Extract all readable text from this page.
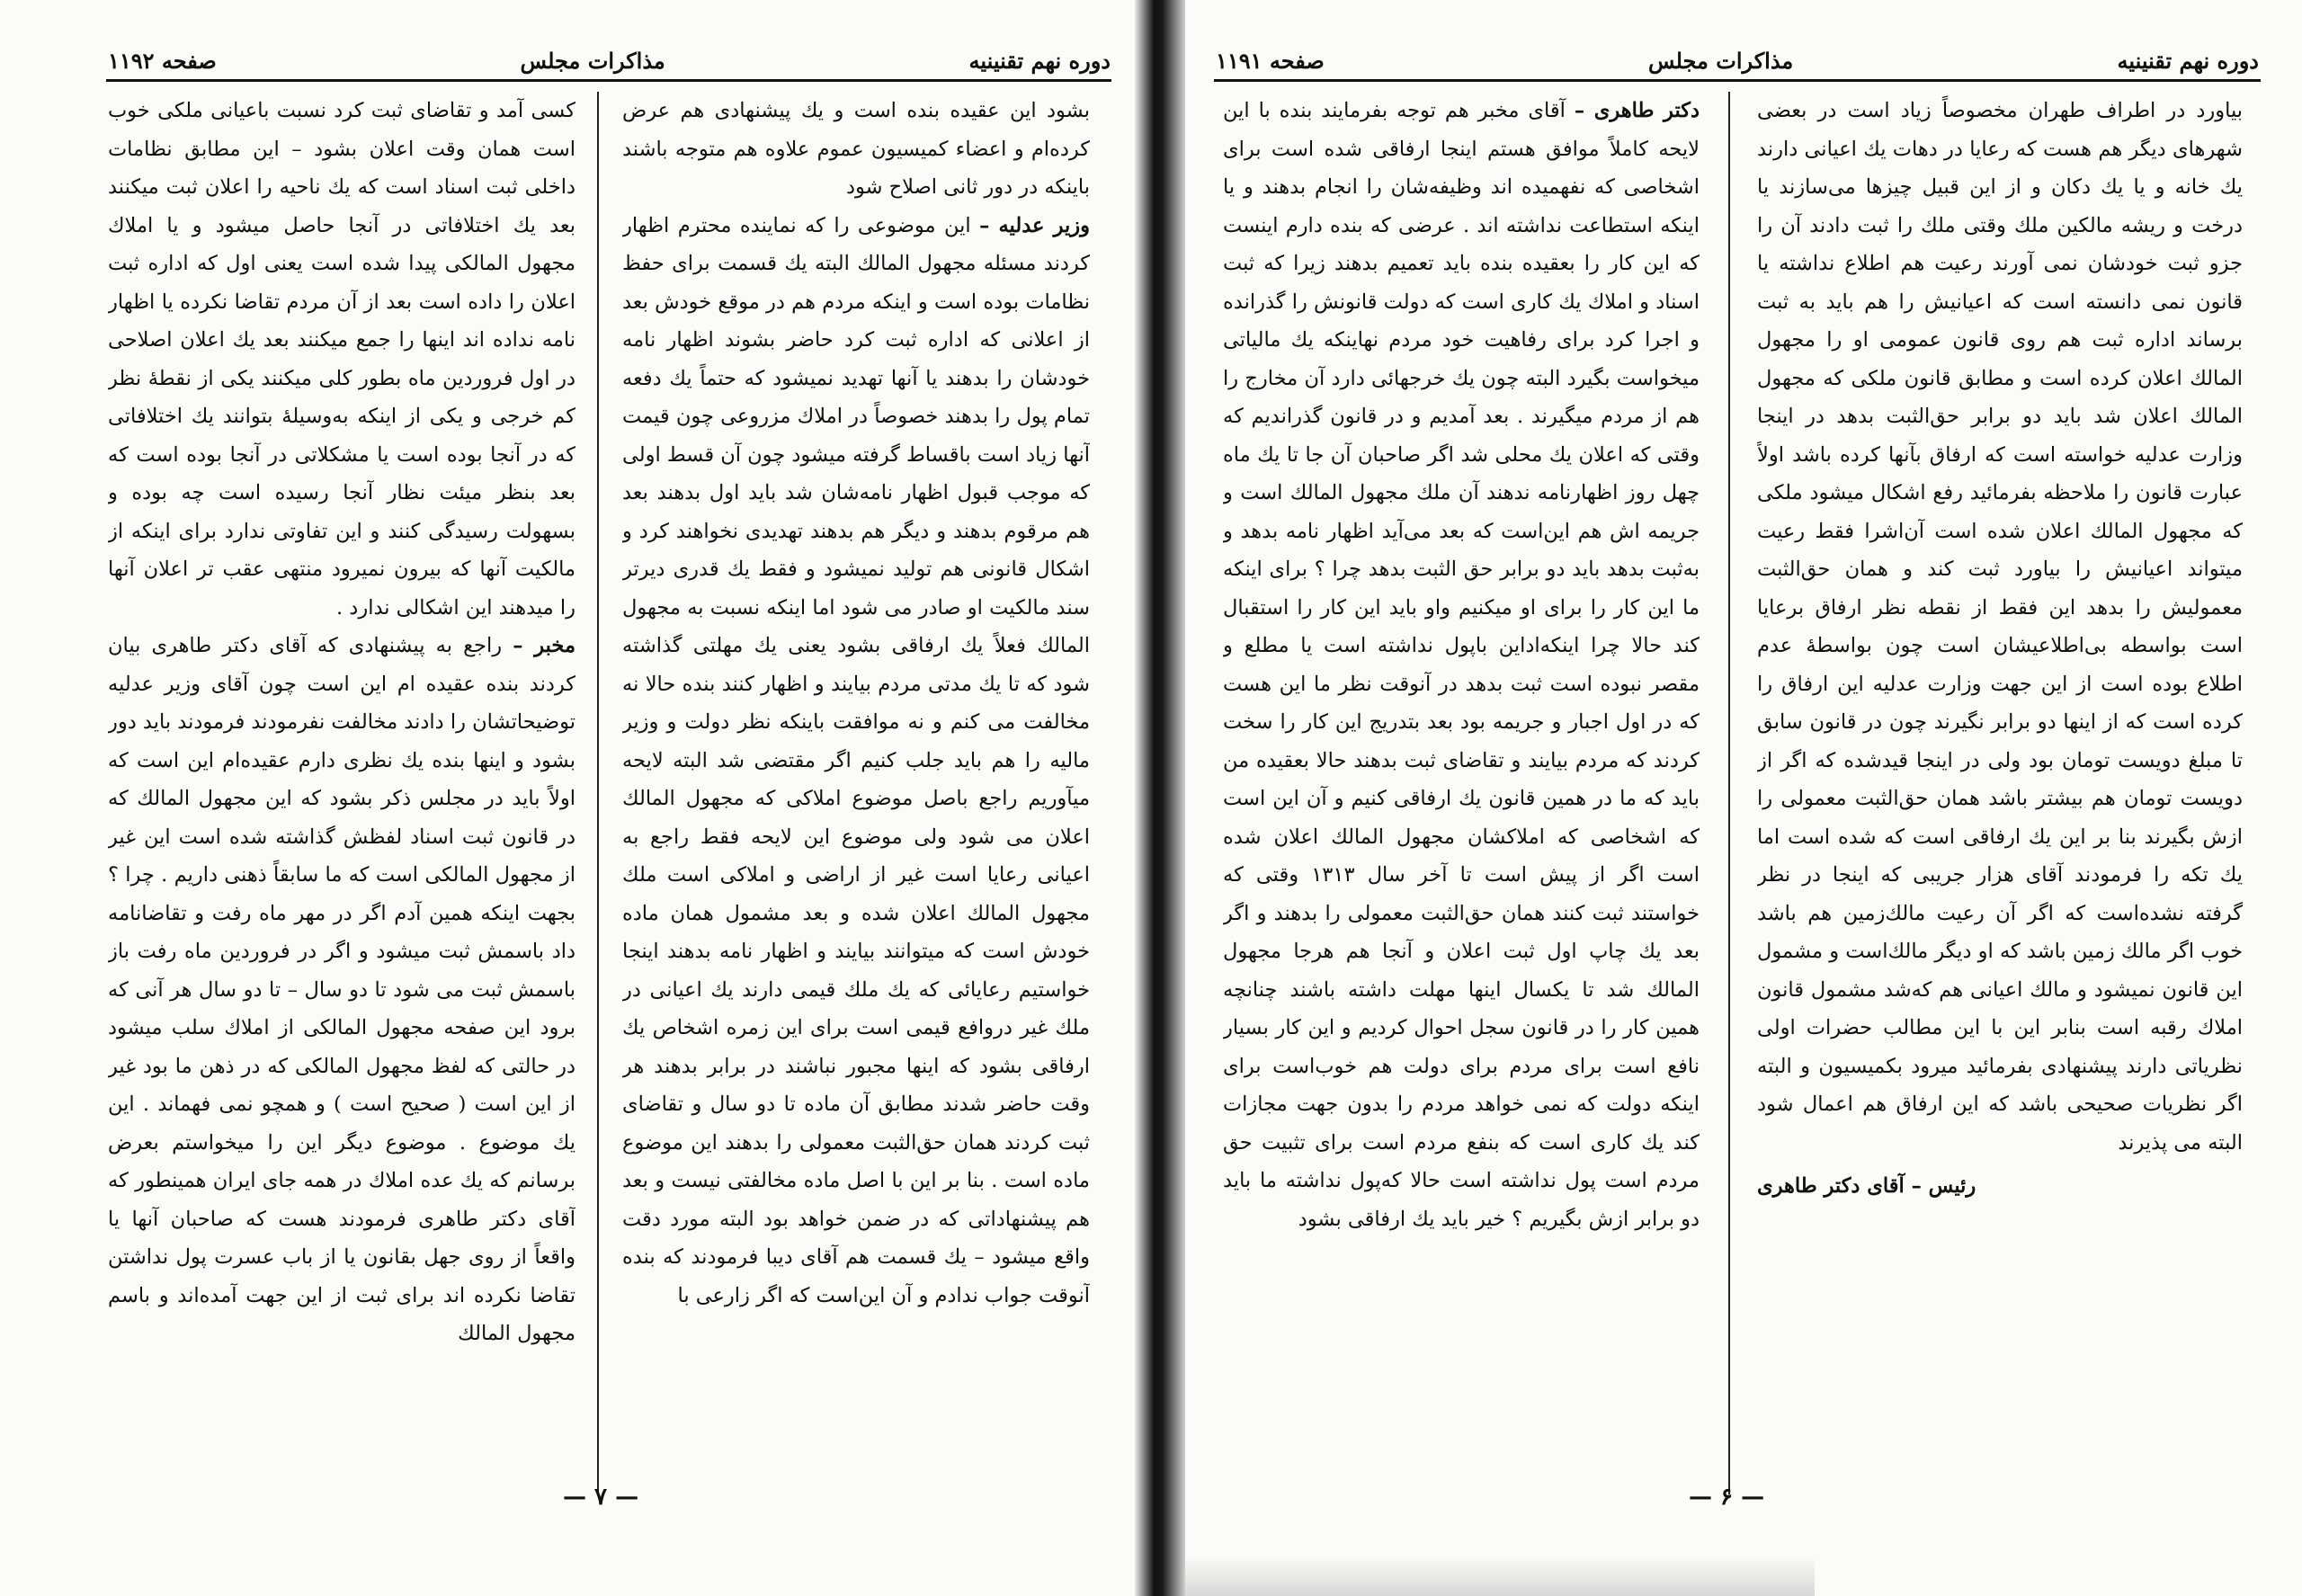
صفحه ۱۱۹۲	مذاکرات مجلس	دوره نهم تقنینیه

کسی آمد و تقاضای ثبت کرد نسبت باعیانی ملکی خوب است همان وقت اعلان بشود – این مطابق نظامات داخلی ثبت اسناد است که یك ناحیه را اعلان ثبت میکنند بعد یك اختلافاتی در آنجا حاصل میشود و یا املاك مجهول المالکی پیدا شده است یعنی اول که اداره ثبت اعلان را داده است بعد از آن مردم تقاضا نکرده یا اظهار نامه نداده اند اینها را جمع میکنند بعد یك اعلان اصلاحی در اول فروردین ماه بطور کلی میکنند یکی از نقطهٔ نظر کم خرجی و یکی از اینکه به‌وسیلهٔ بتوانند یك اختلافاتی که در آنجا بوده است یا مشکلاتی در آنجا بوده است که بعد بنظر میئت نظار آنجا رسیده است چه بوده و بسهولت رسیدگی کنند و این تفاوتی ندارد برای اینکه از مالکیت آنها که بیرون نمیرود منتهی عقب تر اعلان آنها را میدهند این اشکالی ندارد .

مخبر – راجع به پیشنهادی که آقای دکتر طاهری بیان کردند بنده عقیده ام این است چون آقای وزیر عدلیه توضیحاتشان را دادند مخالفت نفرمودند فرمودند باید دور بشود و اینها بنده یك نظری دارم عقیده‌ام این است که اولاً باید در مجلس ذکر بشود که این مجهول المالك که در قانون ثبت اسناد لفظش گذاشته شده است این غیر از مجهول المالکی است که ما سابقاً ذهنی داریم . چرا ؟ بجهت اینکه همین آدم اگر در مهر ماه رفت و تقاضانامه داد باسمش ثبت میشود و اگر در فروردین ماه رفت باز باسمش ثبت می شود تا دو سال – تا دو سال هر آنی که برود این صفحه مجهول المالکی از املاك سلب میشود در حالتی که لفظ مجهول المالکی که در ذهن ما بود غیر از این است ( صحیح است ) و همچو نمی فهماند . این یك موضوع . موضوع دیگر این را میخواستم بعرض برسانم که یك عده املاك در همه جای ایران همینطور که آقای دکتر طاهری فرمودند هست که صاحبان آنها یا واقعاً از روی جهل بقانون یا از باب عسرت پول نداشتن تقاضا نکرده اند برای ثبت از این جهت آمده‌اند و باسم مجهول المالك

بشود این عقیده بنده است و یك پیشنهادی هم عرض کرده‌ام و اعضاء کمیسیون عموم علاوه هم متوجه باشند باینکه در دور ثانی اصلاح شود

وزیر عدلیه – این موضوعی را که نماینده محترم اظهار کردند مسئله مجهول المالك البته یك قسمت برای حفظ نظامات بوده است و اینکه مردم هم در موقع خودش بعد از اعلانی که اداره ثبت کرد حاضر بشوند اظهار نامه خودشان را بدهند یا آنها تهدید نمیشود که حتماً یك دفعه تمام پول را بدهند خصوصاً در املاك مزروعی چون قیمت آنها زیاد است باقساط گرفته میشود چون آن قسط اولی که موجب قبول اظهار نامه‌شان شد باید اول بدهند بعد هم مرقوم بدهند و دیگر هم بدهند تهدیدی نخواهند کرد و اشکال قانونی هم تولید نمیشود و فقط یك قدری دیرتر سند مالکیت او صادر می شود اما اینکه نسبت به مجهول المالك فعلاً یك ارفاقی بشود یعنی یك مهلتی گذاشته شود که تا یك مدتی مردم بیایند و اظهار کنند بنده حالا نه مخالفت می کنم و نه موافقت باینکه نظر دولت و وزیر مالیه را هم باید جلب کنیم اگر مقتضی شد البته لایحه میآوریم راجع باصل موضوع املاکی که مجهول المالك اعلان می شود ولی موضوع این لایحه فقط راجع به اعیانی رعایا است غیر از اراضی و املاکی است ملك مجهول المالك اعلان شده و بعد مشمول همان ماده خودش است که میتوانند بیایند و اظهار نامه بدهند اینجا خواستیم رعایائی که یك ملك قیمی دارند یك اعیانی در ملك غیر دروافع قیمی است برای این زمره اشخاص یك ارفاقی بشود که اینها مجبور نباشند در برابر بدهند هر وقت حاضر شدند مطابق آن ماده تا دو سال و تقاضای ثبت کردند همان حق‌الثبت معمولی را بدهند این موضوع ماده است . بنا بر این با اصل ماده مخالفتی نیست و بعد هم پیشنهاداتی که در ضمن خواهد بود البته مورد دقت واقع میشود – یك قسمت هم آقای دیبا فرمودند که بنده آنوقت جواب ندادم و آن این‌است که اگر زارعی با

— ۷ —
صفحه ۱۱۹۱	مذاکرات مجلس	دوره نهم تقنینیه

دکتر طاهری – آقای مخبر هم توجه بفرمایند بنده با این لایحه کاملاً موافق هستم اینجا ارفاقی شده است برای اشخاصی که نفهمیده اند وظیفه‌شان را انجام بدهند و یا اینکه استطاعت نداشته اند . عرضی که بنده دارم اینست که این کار را بعقیده بنده باید تعمیم بدهند زیرا که ثبت اسناد و املاك یك کاری است که دولت قانونش را گذرانده و اجرا کرد برای رفاهیت خود مردم نهاینکه یك مالیاتی میخواست بگیرد البته چون یك خرجهائی دارد آن مخارج را هم از مردم میگیرند . بعد آمدیم و در قانون گذراندیم که وقتی که اعلان یك محلی شد اگر صاحبان آن جا تا یك ماه چهل روز اظهارنامه ندهند آن ملك مجهول المالك است و جریمه اش هم این‌است که بعد می‌آید اظهار نامه بدهد و به‌ثبت بدهد باید دو برابر حق الثبت بدهد چرا ؟ برای اینکه ما این کار را برای او میکنیم واو باید این کار را استقبال کند حالا چرا اینکه‌اداین باپول نداشته است یا مطلع و مقصر نبوده است ثبت بدهد در آنوقت نظر ما این هست که در اول اجبار و جریمه بود بعد بتدریج این کار را سخت کردند که مردم بیایند و تقاضای ثبت بدهند حالا بعقیده من باید که ما در همین قانون یك ارفاقی کنیم و آن این است که اشخاصی که املاکشان مجهول المالك اعلان شده است اگر از پیش است تا آخر سال ۱۳۱۳ وقتی که خواستند ثبت کنند همان حق‌الثبت معمولی را بدهند و اگر بعد یك چاپ اول ثبت اعلان و آنجا هم هرجا مجهول المالك شد تا یکسال اینها مهلت داشته باشند چنانچه همین کار را در قانون سجل احوال کردیم و این کار بسیار نافع است برای مردم برای دولت هم خوب‌است برای اینکه دولت که نمی خواهد مردم را بدون جهت مجازات کند یك کاری است که بنفع مردم است برای تثبیت حق مردم است پول نداشته است حالا که‌پول نداشته ما باید دو برابر ازش بگیریم ؟ خیر باید یك ارفاقی بشود

بیاورد در اطراف طهران مخصوصاً زیاد است در بعضی شهرهای دیگر هم هست که رعایا در دهات یك اعیانی دارند یك خانه و یا یك دکان و از این قبیل چیزها می‌سازند یا درخت و ریشه مالکین ملك وقتی ملك را ثبت دادند آن را جزو ثبت خودشان نمی آورند رعیت هم اطلاع نداشته یا قانون نمی دانسته است که اعیانیش را هم باید به ثبت برساند اداره ثبت هم روی قانون عمومی او را مجهول المالك اعلان کرده است و مطابق قانون ملکی که مجهول المالك اعلان شد باید دو برابر حق‌الثبت بدهد در اینجا وزارت عدلیه خواسته است که ارفاق بآنها کرده باشد اولاً عبارت قانون را ملاحظه بفرمائید رفع اشکال میشود ملکی که مجهول المالك اعلان شده است آن‌اشرا فقط رعیت میتواند اعیانیش را بیاورد ثبت کند و همان حق‌الثبت معمولیش را بدهد این فقط از نقطه نظر ارفاق برعایا است بواسطه بی‌اطلاعیشان است چون بواسطهٔ عدم اطلاع بوده است از این جهت وزارت عدلیه این ارفاق را کرده است که از اینها دو برابر نگیرند چون در قانون سابق تا مبلغ دویست تومان بود ولی در اینجا قیدشده که اگر از دویست تومان هم بیشتر باشد همان حق‌الثبت معمولی را ازش بگیرند بنا بر این یك ارفاقی است که شده است اما یك تکه را فرمودند آقای هزار جریبی که اینجا در نظر گرفته نشده‌است که اگر آن رعیت مالك‌زمین هم باشد خوب اگر مالك زمین باشد که او دیگر مالك‌است و مشمول این قانون نمیشود و مالك اعیانی هم که‌شد مشمول قانون املاك رقبه است بنابر این با این مطالب حضرات اولی نظریاتی دارند پیشنهادی بفرمائید میرود بکمیسیون و البته اگر نظریات صحیحی باشد که این ارفاق هم اعمال شود البته می پذیرند

رئیس – آقای دکتر طاهری

— ۶ —
